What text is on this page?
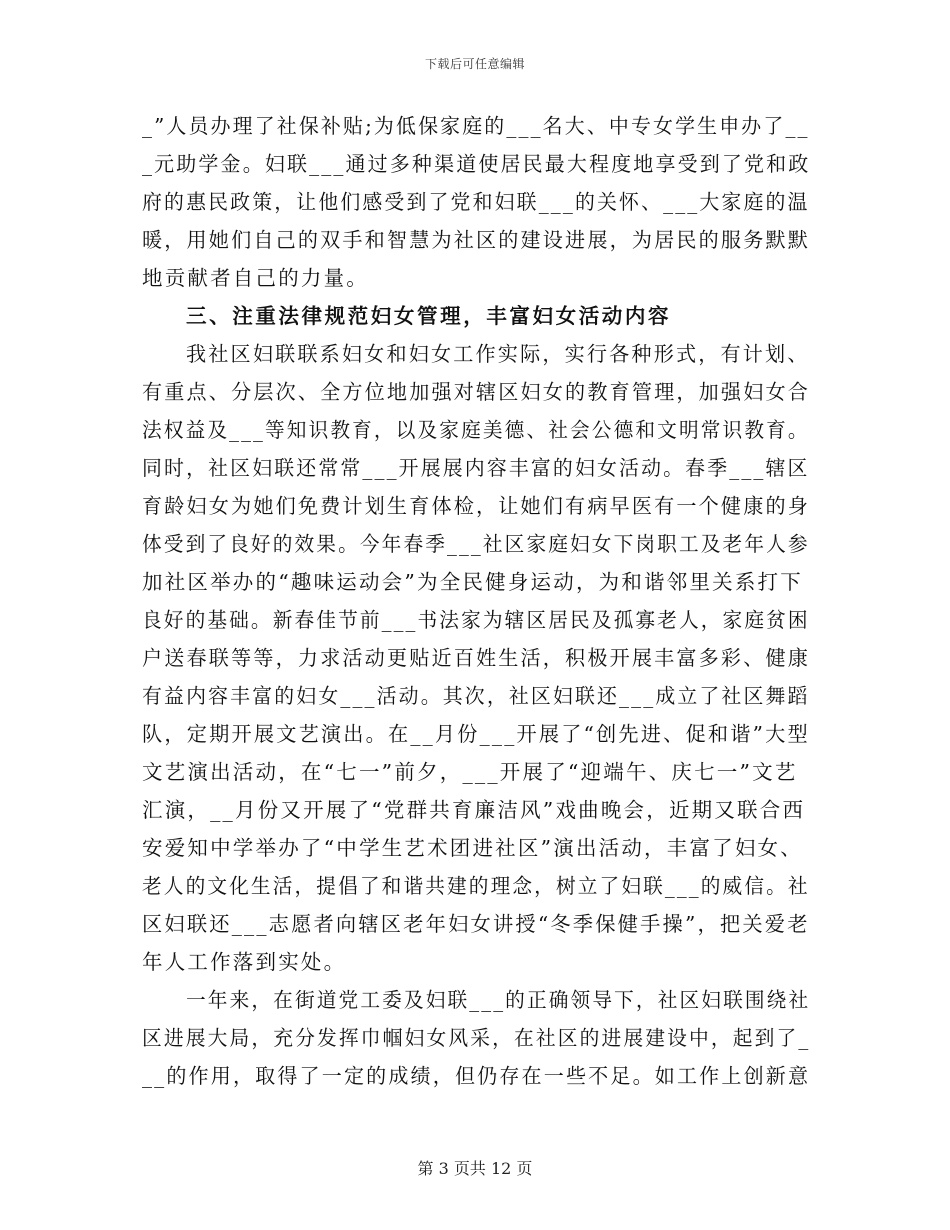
下载后可任意编辑
_”人员办理了社保补贴;为低保家庭的___名大、中专女学生申办了__
_元助学金。妇联___通过多种渠道使居民最大程度地享受到了党和政
府的惠民政策，让他们感受到了党和妇联___的关怀、___大家庭的温
暖，用她们自己的双手和智慧为社区的建设进展，为居民的服务默默
地贡献者自己的力量。
三、注重法律规范妇女管理，丰富妇女活动内容
我社区妇联联系妇女和妇女工作实际，实行各种形式，有计划、
有重点、分层次、全方位地加强对辖区妇女的教育管理，加强妇女合
法权益及___等知识教育，以及家庭美德、社会公德和文明常识教育。
同时，社区妇联还常常___开展展内容丰富的妇女活动。春季___辖区
育龄妇女为她们免费计划生育体检，让她们有病早医有一个健康的身
体受到了良好的效果。今年春季___社区家庭妇女下岗职工及老年人参
加社区举办的“趣味运动会”为全民健身运动，为和谐邻里关系打下
良好的基础。新春佳节前___书法家为辖区居民及孤寡老人，家庭贫困
户送春联等等，力求活动更贴近百姓生活，积极开展丰富多彩、健康
有益内容丰富的妇女___活动。其次，社区妇联还___成立了社区舞蹈
队，定期开展文艺演出。在__月份___开展了“创先进、促和谐”大型
文艺演出活动，在“七一”前夕，___开展了“迎端午、庆七一”文艺
汇演，__月份又开展了“党群共育廉洁风”戏曲晚会，近期又联合西
安爱知中学举办了“中学生艺术团进社区”演出活动，丰富了妇女、
老人的文化生活，提倡了和谐共建的理念，树立了妇联___的威信。社
区妇联还___志愿者向辖区老年妇女讲授“冬季保健手操”，把关爱老
年人工作落到实处。
一年来，在街道党工委及妇联___的正确领导下，社区妇联围绕社
区进展大局，充分发挥巾帼妇女风采，在社区的进展建设中，起到了_
__的作用，取得了一定的成绩，但仍存在一些不足。如工作上创新意
第 3 页共 12 页
